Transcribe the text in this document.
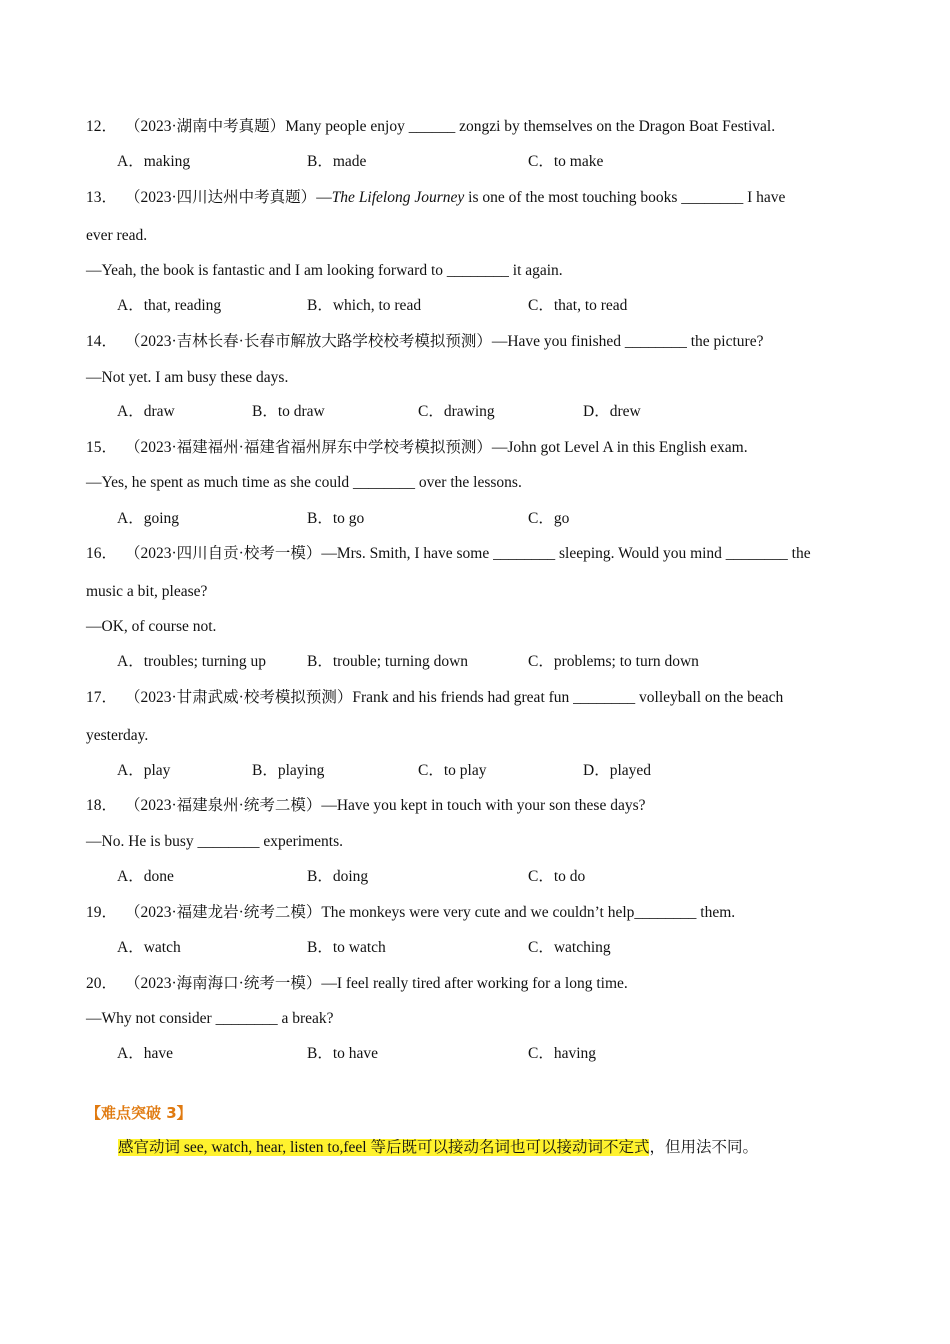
12． （2023·湖南中考真题）Many people enjoy ______ zongzi by themselves on the Dragon Boat Festival.
A．making	B．made	C．to make
13． （2023·四川达州中考真题）—The Lifelong Journey is one of the most touching books ________ I have
ever read.
—Yeah, the book is fantastic and I am looking forward to ________ it again.
A．that, reading	B．which, to read	C．that, to read
14． （2023·吉林长春·长春市解放大路学校校考模拟预测）—Have you finished ________ the picture?
—Not yet. I am busy these days.
A．draw	B．to draw	C．drawing	D．drew
15． （2023·福建福州·福建省福州屏东中学校考模拟预测）—John got Level A in this English exam.
—Yes, he spent as much time as she could ________ over the lessons.
A．going	B．to go	C．go
16． （2023·四川自贡·校考一模）—Mrs. Smith, I have some ________ sleeping. Would you mind ________ the
music a bit, please?
—OK, of course not.
A．troubles; turning up	B．trouble; turning down	C．problems; to turn down
17． （2023·甘肃武威·校考模拟预测）Frank and his friends had great fun ________ volleyball on the beach
yesterday.
A．play	B．playing	C．to play	D．played
18． （2023·福建泉州·统考二模）—Have you kept in touch with your son these days?
—No. He is busy ________ experiments.
A．done	B．doing	C．to do
19． （2023·福建龙岩·统考二模）The monkeys were very cute and we couldn’t help________ them.
A．watch	B．to watch	C．watching
20． （2023·海南海口·统考一模）—I feel really tired after working for a long time.
—Why not consider ________ a break?
A．have	B．to have	C．having
【难点突破 3】
感官动词 see, watch, hear, listen to,feel 等后既可以接动名词也可以接动词不定式，但用法不同。
